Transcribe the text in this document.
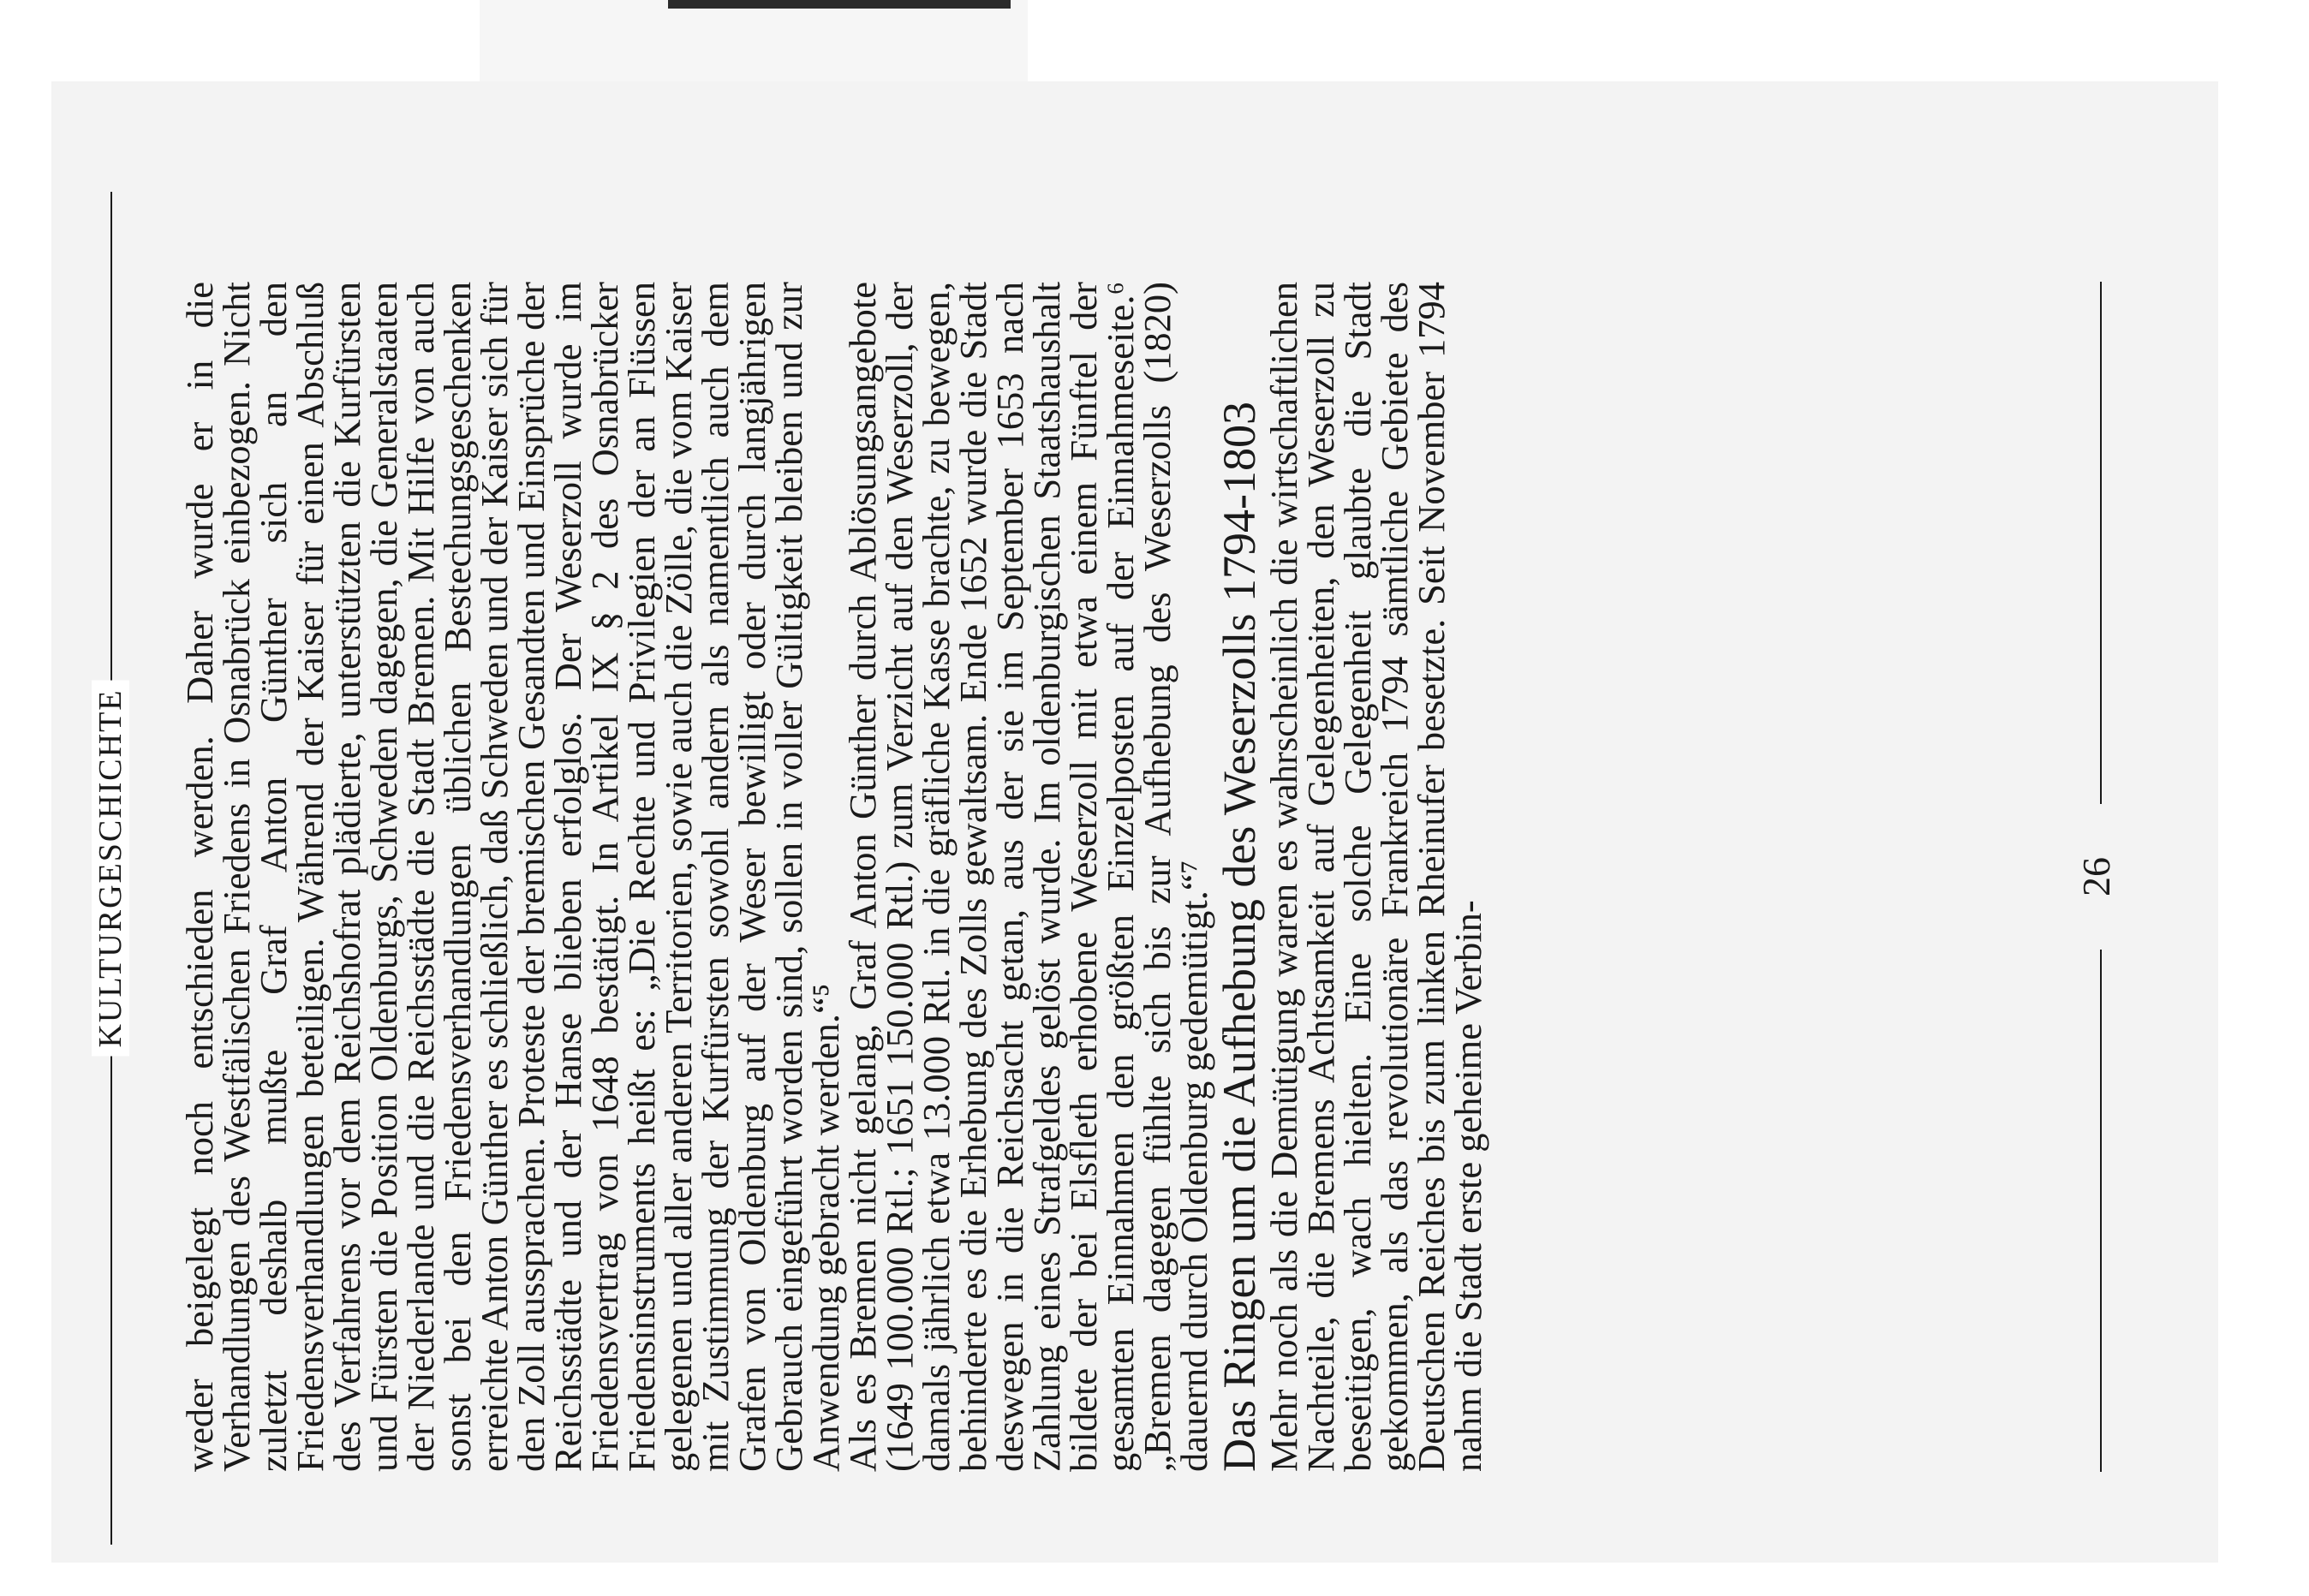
KULTURGESCHICHTE weder beigelegt noch entschieden werden. Daher wurde er in die Verhandlungen des Westfälischen Friedens in Osnabrück einbezogen. Nicht zuletzt deshalb mußte Graf Anton Günther sich an den Friedensverhandlungen beteiligen. Während der Kaiser für einen Abschluß des Verfahrens vor dem Reichshofrat plädierte, unterstützten die Kurfürsten und Fürsten die Position Oldenburgs, Schweden dagegen, die Generalstaaten der Niederlande und die Reichsstädte die Stadt Bremen. Mit Hilfe von auch sonst bei den Friedensverhandlungen üblichen Bestechungsgeschenken erreichte Anton Günther es schließlich, daß Schweden und der Kaiser sich für den Zoll aussprachen. Proteste der bremischen Gesandten und Einsprüche der Reichsstädte und der Hanse blieben erfolglos. Der Weserzoll wurde im Friedensvertrag von 1648 bestätigt. In Artikel IX § 2 des Osnabrücker Friedensinstruments heißt es: „Die Rechte und Privilegien der an Flüssen gelegenen und aller anderen Territorien, sowie auch die Zölle, die vom Kaiser mit Zustimmung der Kurfürsten sowohl andern als namentlich auch dem Grafen von Oldenburg auf der Weser bewilligt oder durch langjährigen Gebrauch eingeführt worden sind, sollen in voller Gültigkeit bleiben und zur Anwendung gebracht werden.“⁵

Als es Bremen nicht gelang, Graf Anton Günther durch Ablösungsangebote (1649 100.000 Rtl.; 1651 150.000 Rtl.) zum Verzicht auf den Weserzoll, der damals jährlich etwa 13.000 Rtl. in die gräfliche Kasse brachte, zu bewegen, behinderte es die Erhebung des Zolls gewaltsam. Ende 1652 wurde die Stadt deswegen in die Reichsacht getan, aus der sie im September 1653 nach Zahlung eines Strafgeldes gelöst wurde. Im oldenburgischen Staatshaushalt bildete der bei Elsfleth erhobene Weserzoll mit etwa einem Fünftel der gesamten Einnahmen den größten Einzelposten auf der Einnahmeseite.⁶ „Bremen dagegen fühlte sich bis zur Aufhebung des Weserzolls (1820) dauernd durch Oldenburg gedemütigt.“⁷

Das Ringen um die Aufhebung des Weserzolls 1794-1803

Mehr noch als die Demütigung waren es wahrscheinlich die wirtschaftlichen Nachteile, die Bremens Achtsamkeit auf Gelegenheiten, den Weserzoll zu beseitigen, wach hielten. Eine solche Gelegenheit glaubte die Stadt gekommen, als das revolutionäre Frankreich 1794 sämtliche Gebiete des Deutschen Reiches bis zum linken Rheinufer besetzte. Seit November 1794 nahm die Stadt erste geheime Verbin-

26
